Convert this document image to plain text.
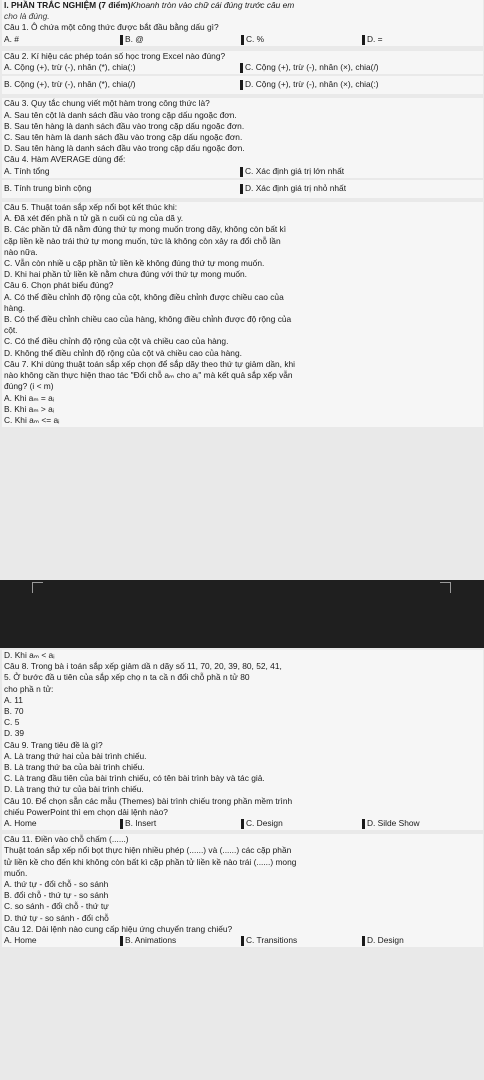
I. PHẦN TRẮC NGHIỆM (7 điểm)Khoanh tròn vào chữ cái đúng trước câu em
cho là đúng.
Câu 1. Ô chứa một công thức được bắt đầu bằng dấu gì?
A. #	B. @	C. %	D. =
Câu 2. Kí hiệu các phép toán số học trong Excel nào đúng?
A. Cộng (+), trừ (-), nhân (*), chia(:)	C. Cộng (+), trừ (-), nhân (×), chia(/)
B. Cộng (+), trừ (-), nhân (*), chia(/)	D. Cộng (+), trừ (-), nhân (×), chia(:)
Câu 3. Quy tắc chung viết một hàm trong công thức là?
A. Sau tên cột là danh sách đầu vào trong cặp dấu ngoặc đơn.
B. Sau tên hàng là danh sách đầu vào trong cặp dấu ngoặc đơn.
C. Sau tên hàm là danh sách đầu vào trong cặp dấu ngoặc đơn.
D. Sau tên hàng là danh sách đầu vào trong cặp dấu ngoặc đơn.
Câu 4. Hàm AVERAGE dùng để:
A. Tính tổng	C. Xác định giá trị lớn nhất
B. Tính trung bình cộng	D. Xác định giá trị nhỏ nhất
Câu 5. Thuật toán sắp xếp nổi bọt kết thúc khi:
A. Đã xét đến phầ n tử gầ n cuối cù ng của dã y.
B. Các phần tử đã nằm đúng thứ tự mong muốn trong dãy, không còn bất kì
cặp liền kề nào trái thứ tự mong muốn, tức là không còn xảy ra đổi chỗ lần
nào nữa.
C. Vẫn còn nhiề u cặp phần tử liền kề không đúng thứ tự mong muốn.
D. Khi hai phần tử liền kề nằm chưa đúng với thứ tự mong muốn.
Câu 6. Chọn phát biểu đúng?
A. Có thể điều chỉnh độ rộng của cột, không điều chỉnh được chiều cao của
hàng.
B. Có thể điều chỉnh chiều cao của hàng, không điều chỉnh được độ rộng của
cột.
C. Có thể điều chỉnh độ rộng của cột và chiều cao của hàng.
D. Không thể điều chỉnh độ rộng của cột và chiều cao của hàng.
Câu 7. Khi dùng thuật toán sắp xếp chọn để sắp dãy theo thứ tự giảm dần, khi
nào không cần thực hiện thao tác "Đổi chỗ aₘ cho aᵢ" mà kết quả sắp xếp vẫn
đúng? (i < m)
A. Khi aₘ = aᵢ
B. Khi aₘ > aᵢ
C. Khi aₘ <= aᵢ
D. Khi aₘ < aᵢ
Câu 8. Trong bà i toán sắp xếp giảm dầ n dãy số 11, 70, 20, 39, 80, 52, 41,
5. Ở bước đầ u tiên của sắp xếp chọ n ta cầ n đổi chỗ phầ n tử 80
cho phầ n tử:
A. 11
B. 70
C. 5
D. 39
Câu 9. Trang tiêu đề là gì?
A. Là trang thứ hai của bài trình chiếu.
B. Là trang thứ ba của bài trình chiếu.
C. Là trang đầu tiên của bài trình chiếu, có tên bài trình bày và tác giả.
D. Là trang thứ tư của bài trình chiếu.
Câu 10. Để chọn sẵn các mẫu (Themes) bài trình chiếu trong phần mềm trình
chiếu PowerPoint thì em chọn dải lệnh nào?
A. Home	B. Insert	C. Design	D. Silde Show
Câu 11. Điền vào chỗ chấm (......)
Thuật toán sắp xếp nổi bọt thực hiện nhiều phép (......) và (......) các cặp phần
tử liền kề cho đến khi không còn bất kì cặp phần tử liền kề nào trái (......) mong
muốn.
A. thứ tự - đổi chỗ - so sánh
B. đổi chỗ - thứ tự - so sánh
C. so sánh - đổi chỗ - thứ tự
D. thứ tự - so sánh - đổi chỗ
Câu 12. Dải lệnh nào cung cấp hiệu ứng chuyển trang chiếu?
A. Home	B. Animations	C. Transitions	D. Design
